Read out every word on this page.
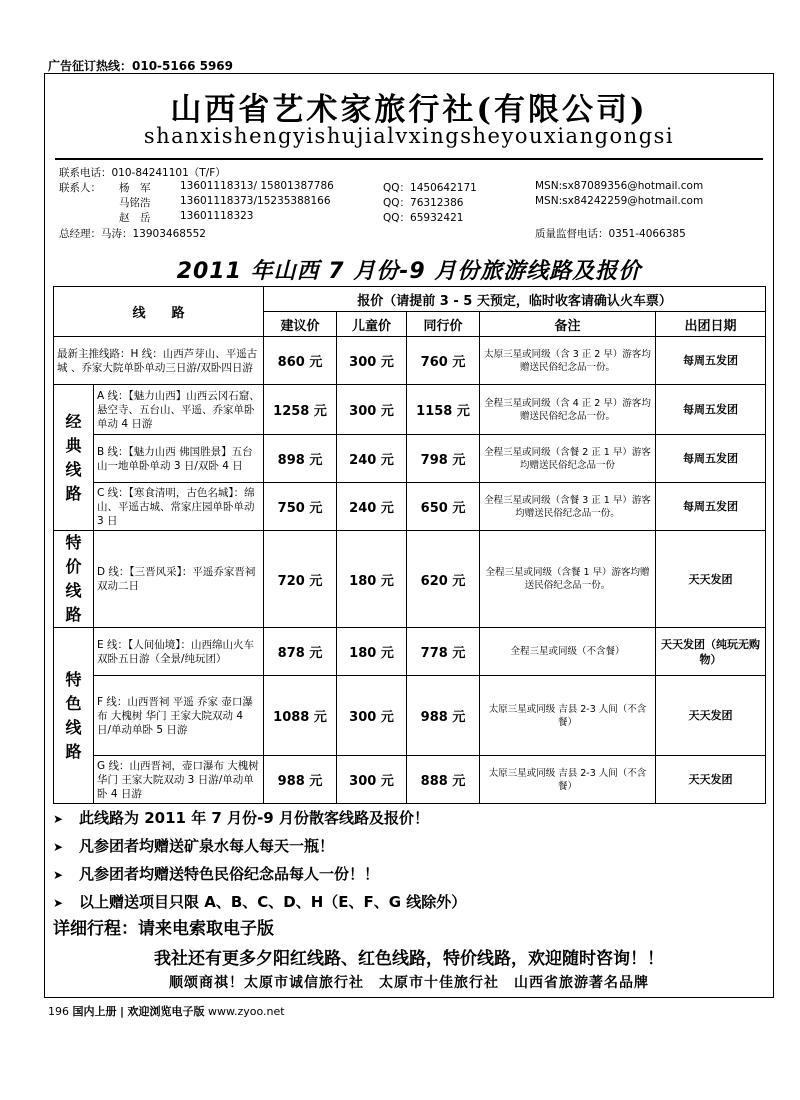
广告征订热线：010-5166 5969
山西省艺术家旅行社(有限公司)
shanxishengyishujialvxingsheyouxiangongsi
联系电话：010-84241101（T/F）
联系人： 杨　军	13601118313/ 15801387786	QQ：1450642171	MSN:sx87089356@hotmail.com
马铭浩	13601118373/15235388166	QQ：76312386	MSN:sx84242259@hotmail.com
赵　岳	13601118323	QQ：65932421
总经理：马涛：13903468552	质量监督电话：0351-4066385
2011 年山西 7 月份-9 月份旅游线路及报价
线　　路		报价（请提前 3 - 5 天预定，临时收客请确认火车票）				
		建议价	儿童价	同行价	备注	出团日期
最新主推线路：H 线：山西芦芽山、平遥古城 、乔家大院单卧单动三日游/双卧四日游		860 元	300 元	760 元	太原三星或同级（含 3 正 2 早）游客均赠送民俗纪念品一份。	每周五发团
经典线路	A 线：【魅力山西】山西云冈石窟、悬空寺、五台山、平遥、乔家单卧单动 4 日游	1258 元	300 元	1158 元	全程三星或同级（含 4 正 2 早）游客均赠送民俗纪念品一份。	每周五发团
	B 线：【魅力山西 佛国胜景】五台山一地单卧单动 3 日/双卧 4 日	898 元	240 元	798 元	全程三星或同级（含餐 2 正 1 早）游客均赠送民俗纪念品一份	每周五发团
	C 线：【寒食清明，古色名城】：绵山、平遥古城、常家庄园单卧单动 3 日	750 元	240 元	650 元	全程三星或同级（含餐 3 正 1 早）游客均赠送民俗纪念品一份。	每周五发团
特价线路	D 线：【三晋风采】：平遥乔家晋祠双动二日	720 元	180 元	620 元	全程三星或同级（含餐 1 早）游客均赠送民俗纪念品一份。	天天发团
特色线路	E 线：【人间仙境】：山西绵山火车双卧五日游（全景/纯玩团）	878 元	180 元	778 元	全程三星或同级（不含餐）	天天发团（纯玩无购物）
	F 线：山西晋祠 平遥 乔家 壶口瀑布 大槐树 华门 王家大院双动 4 日/单动单卧 5 日游	1088 元	300 元	988 元	太原三星或同级 吉县 2-3 人间（不含餐）	天天发团
	G 线：山西晋祠，壶口瀑布 大槐树 华门 王家大院双动 3 日游/单动单卧 4 日游	988 元	300 元	888 元	太原三星或同级 吉县 2-3 人间（不含餐）	天天发团
➤ 此线路为 2011 年 7 月份-9 月份散客线路及报价！
➤ 凡参团者均赠送矿泉水每人每天一瓶！
➤ 凡参团者均赠送特色民俗纪念品每人一份！！
➤ 以上赠送项目只限 A、B、C、D、H（E、F、G 线除外）
详细行程：请来电索取电子版
我社还有更多夕阳红线路、红色线路，特价线路，欢迎随时咨询！！
顺颂商祺！太原市诚信旅行社　太原市十佳旅行社　山西省旅游著名品牌
196 国内上册 | 欢迎浏览电子版 www.zyoo.net
